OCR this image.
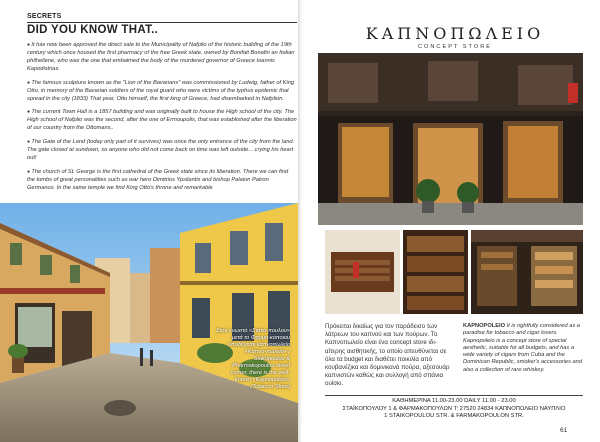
SECRETS
DID YOU KNOW THAT..

● It has now been approved the direct sale to the Municipality of Nafplio of the historic building of the 19th century which once housed the first pharmacy of the free Greek state, owned by Bonifati Bonafin an Italian philhellene, who was the one that embalmed the body of the murdered governor of Greece Ioannis Kapodistrias.

● The famous sculpture known as the "Lion of the Bavarians" was commissioned by Ludwig, father of King Otto, in memory of the Bavarian soldiers of the royal guard who were victims of the typhus epidemic that spread in the city (1833) That year, Otto himself, the first king of Greece, had disembarked in Nafplion.

● The current Town Hall is a 1857 building and was originally built to house the High school of the city. The High school of Nafplio was the second, after the one of Ermoupolis, that was established after the liberation of our country from the Ottomans,.

● The Gate of the Land (today only part of it survives) was once the only entrance of the city from the land. The gate closed at sundown, so anyone who did not come back on time was left outside... crying his heart out!

● The church of St. George is the first cathedral of the Greek state since its liberation. There we can find the tombs of great personalities such as war hero Dimitrios Ypsilantis and bishop Palaion Patron Germanos. In the same temple we find King Otto's throne and remarkable

Στον γνωστό «Στάκο-πουλου» μετά το Φαρμα-κοποιου υποδέχεται καπνοπωλείο «Καπνο-πωλείο» / Stakopoulou & Pharmakopoulou street corner, there is the well-known «Kapnopoleio» (Tobacco Store)
ΚΑΠΝΟΠΩΛΕΙΟ
CONCEPT STORE
Πρόκειται δικαίως για τον παράδεισο των λάτρεων του καπνού και των πούρων. Το Καπνοπωλείο είναι ένα concept store ιδι-αίτερης αισθητικής, το οποίο απευθύνεται σε όλα τα budget και διαθέτει ποικιλία από κουβανέζικα και δομινικανά πούρα, αξεσουάρ καπνιστών καθώς και συλλογή από σπάνια ουίσκι.
KAPNOPOLEIO It is rightfully considered as a paradise for tobacco and cigar lovers. Kapnopoleio is a concept store of special aesthetic, suitable for all budgets, and has a wide variety of cigars from Cuba and the Dominican Republic, smoker's accessories and also a collection of rare whiskey.
ΚΑΘΗΜΕΡΙΝΑ 11.00-23.00 DAILY 11.00 - 23.00
ΣΤΑΪΚΟΠΟΥΛΟΥ 1 & ΦΑΡΜΑΚΟΠΟΥΛΩΝ Τ: 27520 24834 ΚΑΠΝΟΠΩΛΕΙΟ ΝΑΥΠΛΙΟ
1 STAIKOPOULOU STR. & FARMAKOPOULON STR.
61
